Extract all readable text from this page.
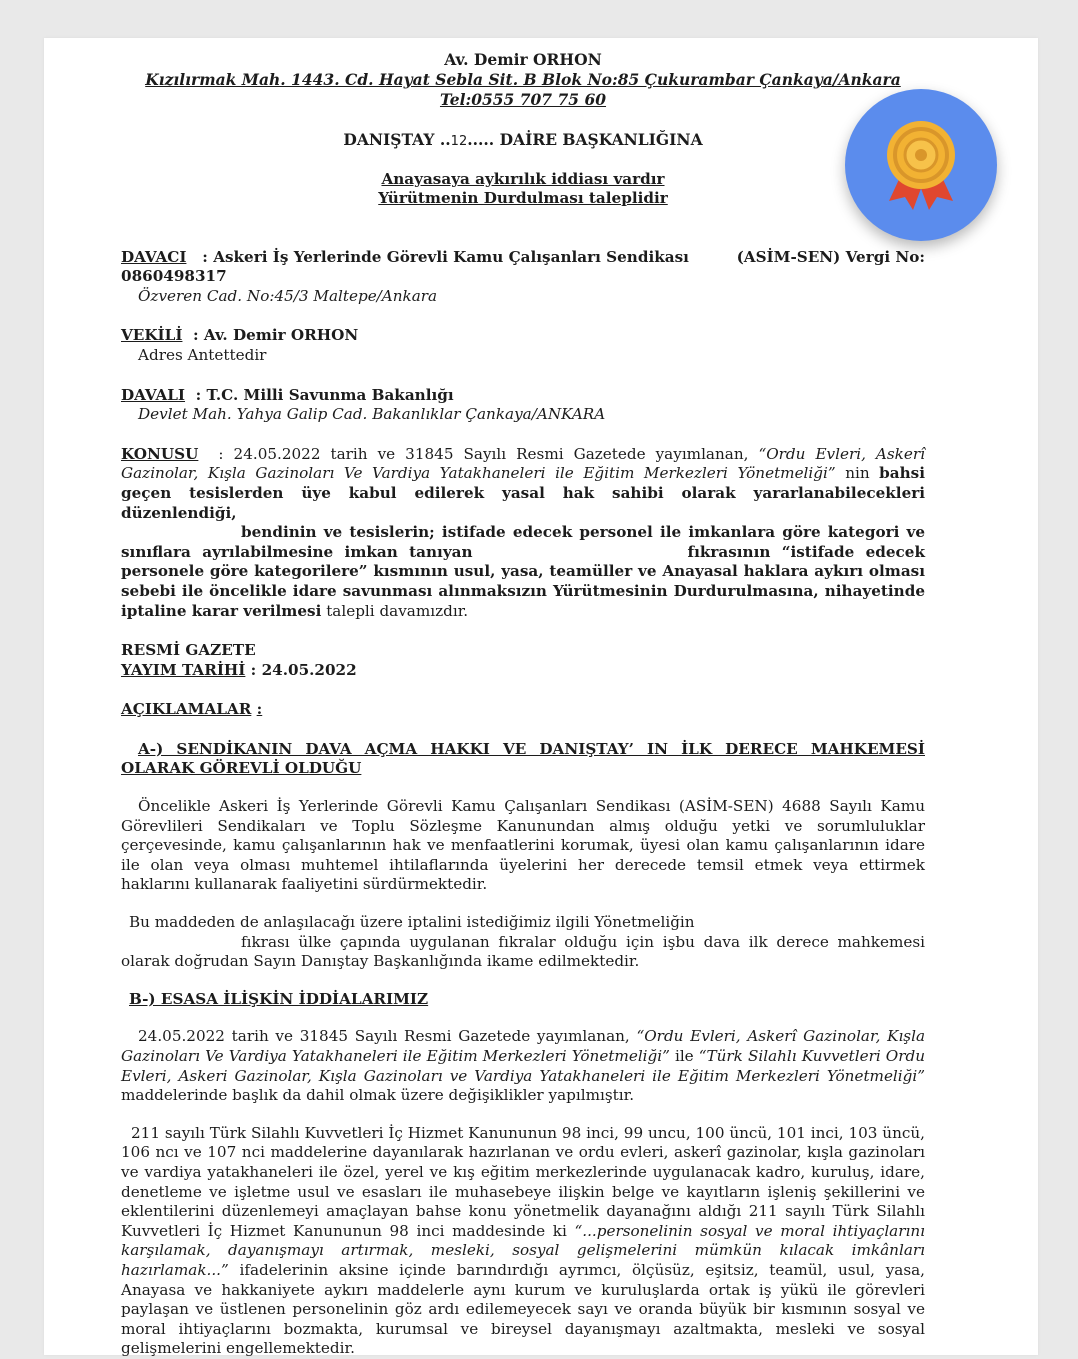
Av. Demir ORHON

Kızılırmak Mah. 1443. Cd. Hayat Sebla Sit. B Blok No:85 Çukurambar Çankaya/Ankara

Tel:0555 707 75 60

DANIŞTAY ..12..... DAİRE BAŞKANLIĞINA

Anayasaya aykırılık iddiası vardır

Yürütmenin Durdulması taleplidir

DAVACI   : Askeri İş Yerlerinde Görevli Kamu Çalışanları Sendikası	(ASİM-SEN) Vergi No:

0860498317

Özveren Cad. No:45/3 Maltepe/Ankara

VEKİLİ  : Av. Demir ORHON

Adres Antettedir

DAVALI  : T.C. Milli Savunma Bakanlığı

Devlet Mah. Yahya Galip Cad. Bakanlıklar Çankaya/ANKARA

KONUSU  : 24.05.2022 tarih ve 31845 Sayılı Resmi Gazetede yayımlanan, “Ordu Evleri, Askerî Gazinolar, Kışla Gazinoları Ve Vardiya Yatakhaneleri ile Eğitim Merkezleri Yönetmeliği” nin bahsi geçen tesislerden üye kabul edilerek yasal hak sahibi olarak yararlanabilecekleri düzenlendiği,
bendinin ve tesislerin; istifade edecek personel ile imkanlara göre kategori ve sınıflara ayrılabilmesine imkan tanıyan	fıkrasının “istifade edecek personele göre kategorilere” kısmının usul, yasa, teamüller ve Anayasal haklara aykırı olması sebebi ile öncelikle idare savunması alınmaksızın Yürütmesinin Durdurulmasına, nihayetinde iptaline karar verilmesi talepli davamızdır.

RESMİ GAZETE

YAYIM TARİHİ : 24.05.2022

AÇIKLAMALAR :

A-) SENDİKANIN DAVA AÇMA HAKKI VE DANIŞTAY’ IN İLK DERECE MAHKEMESİ OLARAK GÖREVLİ OLDUĞU

Öncelikle Askeri İş Yerlerinde Görevli Kamu Çalışanları Sendikası (ASİM-SEN) 4688 Sayılı Kamu Görevlileri Sendikaları ve Toplu Sözleşme Kanunundan almış olduğu yetki ve sorumluluklar çerçevesinde, kamu çalışanlarının hak ve menfaatlerini korumak, üyesi olan kamu çalışanlarının idare ile olan veya olması muhtemel ihtilaflarında üyelerini her derecede temsil etmek veya ettirmek haklarını kullanarak faaliyetini sürdürmektedir.

Bu maddeden de anlaşılacağı üzere iptalini istediğimiz ilgili Yönetmeliğin

fıkrası ülke çapında uygulanan fıkralar olduğu için işbu dava ilk derece mahkemesi olarak doğrudan Sayın Danıştay Başkanlığında ikame edilmektedir.

B-) ESASA İLİŞKİN İDDİALARIMIZ

24.05.2022 tarih ve 31845 Sayılı Resmi Gazetede yayımlanan, “Ordu Evleri, Askerî Gazinolar, Kışla Gazinoları Ve Vardiya Yatakhaneleri ile Eğitim Merkezleri Yönetmeliği” ile “Türk Silahlı Kuvvetleri Ordu Evleri, Askeri Gazinolar, Kışla Gazinoları ve Vardiya Yatakhaneleri ile Eğitim Merkezleri Yönetmeliği” maddelerinde başlık da dahil olmak üzere değişiklikler yapılmıştır.

211 sayılı Türk Silahlı Kuvvetleri İç Hizmet Kanununun 98 inci, 99 uncu, 100 üncü, 101 inci, 103 üncü, 106 ncı ve 107 nci maddelerine dayanılarak hazırlanan ve ordu evleri, askerî gazinolar, kışla gazinoları ve vardiya yatakhaneleri ile özel, yerel ve kış eğitim merkezlerinde uygulanacak kadro, kuruluş, idare, denetleme ve işletme usul ve esasları ile muhasebeye ilişkin belge ve kayıtların işleniş şekillerini ve eklentilerini düzenlemeyi amaçlayan bahse konu yönetmelik dayanağını aldığı 211 sayılı Türk Silahlı Kuvvetleri İç Hizmet Kanununun 98 inci maddesinde ki “...personelinin sosyal ve moral ihtiyaçlarını karşılamak, dayanışmayı artırmak, mesleki, sosyal gelişmelerini mümkün kılacak imkânları hazırlamak...” ifadelerinin aksine içinde barındırdığı ayrımcı, ölçüsüz, eşitsiz, teamül, usul, yasa, Anayasa ve hakkaniyete aykırı maddelerle aynı kurum ve kuruluşlarda ortak iş yükü ile görevleri paylaşan ve üstlenen personelinin göz ardı edilemeyecek sayı ve oranda büyük bir kısmının sosyal ve moral ihtiyaçlarını bozmakta, kurumsal ve bireysel dayanışmayı azaltmakta, mesleki ve sosyal gelişmelerini engellemektedir.
